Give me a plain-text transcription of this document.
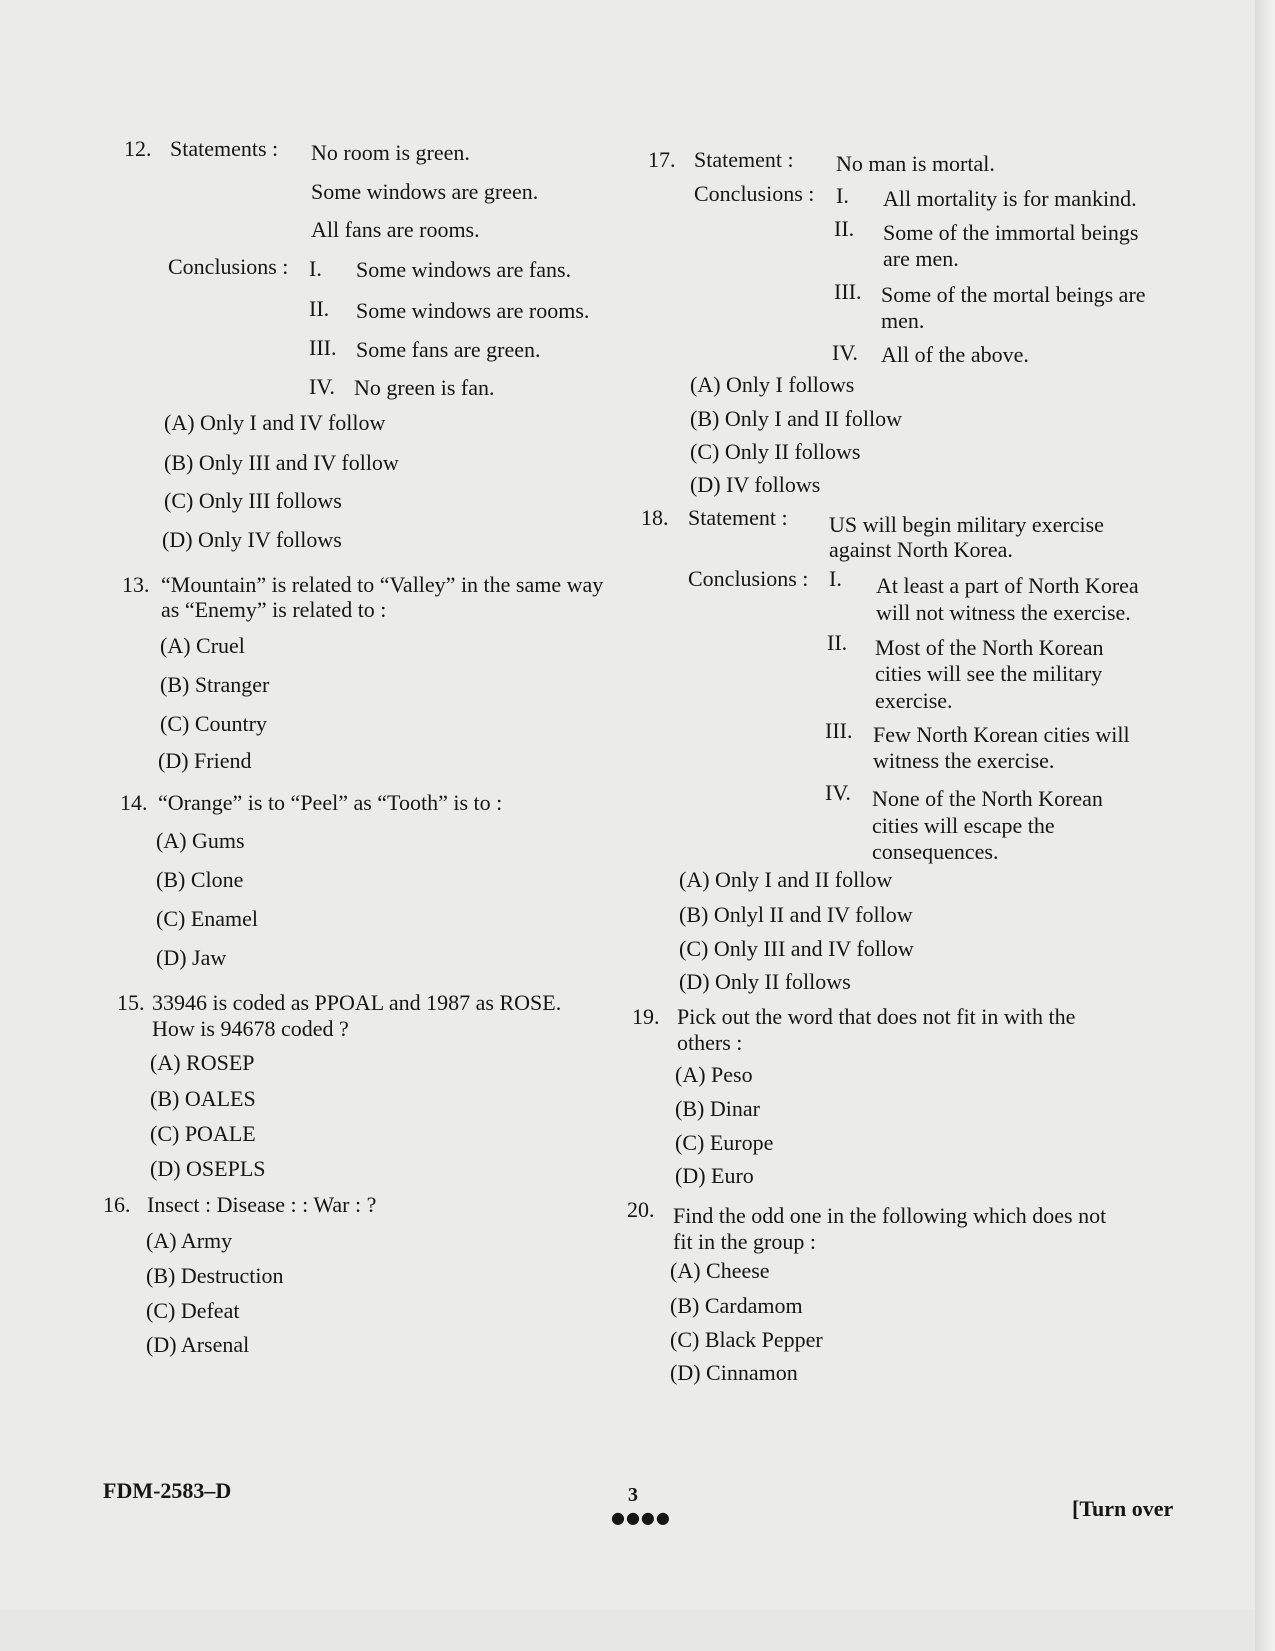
12. Statements : No room is green.
Some windows are green.
All fans are rooms.
Conclusions : I. Some windows are fans.
II. Some windows are rooms.
III. Some fans are green.
IV. No green is fan.
(A) Only I and IV follow
(B) Only III and IV follow
(C) Only III follows
(D) Only IV follows
13. “Mountain” is related to “Valley” in the same way
as “Enemy” is related to :
(A) Cruel
(B) Stranger
(C) Country
(D) Friend
14. “Orange” is to “Peel” as “Tooth” is to :
(A) Gums
(B) Clone
(C) Enamel
(D) Jaw
15. 33946 is coded as PPOAL and 1987 as ROSE.
How is 94678 coded ?
(A) ROSEP
(B) OALES
(C) POALE
(D) OSEPLS
16. Insect : Disease : : War : ?
(A) Army
(B) Destruction
(C) Defeat
(D) Arsenal
17. Statement : No man is mortal.
Conclusions : I. All mortality is for mankind.
II. Some of the immortal beings
are men.
III. Some of the mortal beings are
men.
IV. All of the above.
(A) Only I follows
(B) Only I and II follow
(C) Only II follows
(D) IV follows
18. Statement : US will begin military exercise
against North Korea.
Conclusions : I. At least a part of North Korea
will not witness the exercise.
II. Most of the North Korean
cities will see the military
exercise.
III. Few North Korean cities will
witness the exercise.
IV. None of the North Korean
cities will escape the
consequences.
(A) Only I and II follow
(B) Onlyl II and IV follow
(C) Only III and IV follow
(D) Only II follows
19. Pick out the word that does not fit in with the
others :
(A) Peso
(B) Dinar
(C) Europe
(D) Euro
20. Find the odd one in the following which does not
fit in the group :
(A) Cheese
(B) Cardamom
(C) Black Pepper
(D) Cinnamon
FDM-2583–D	3
●●●●	[Turn over
